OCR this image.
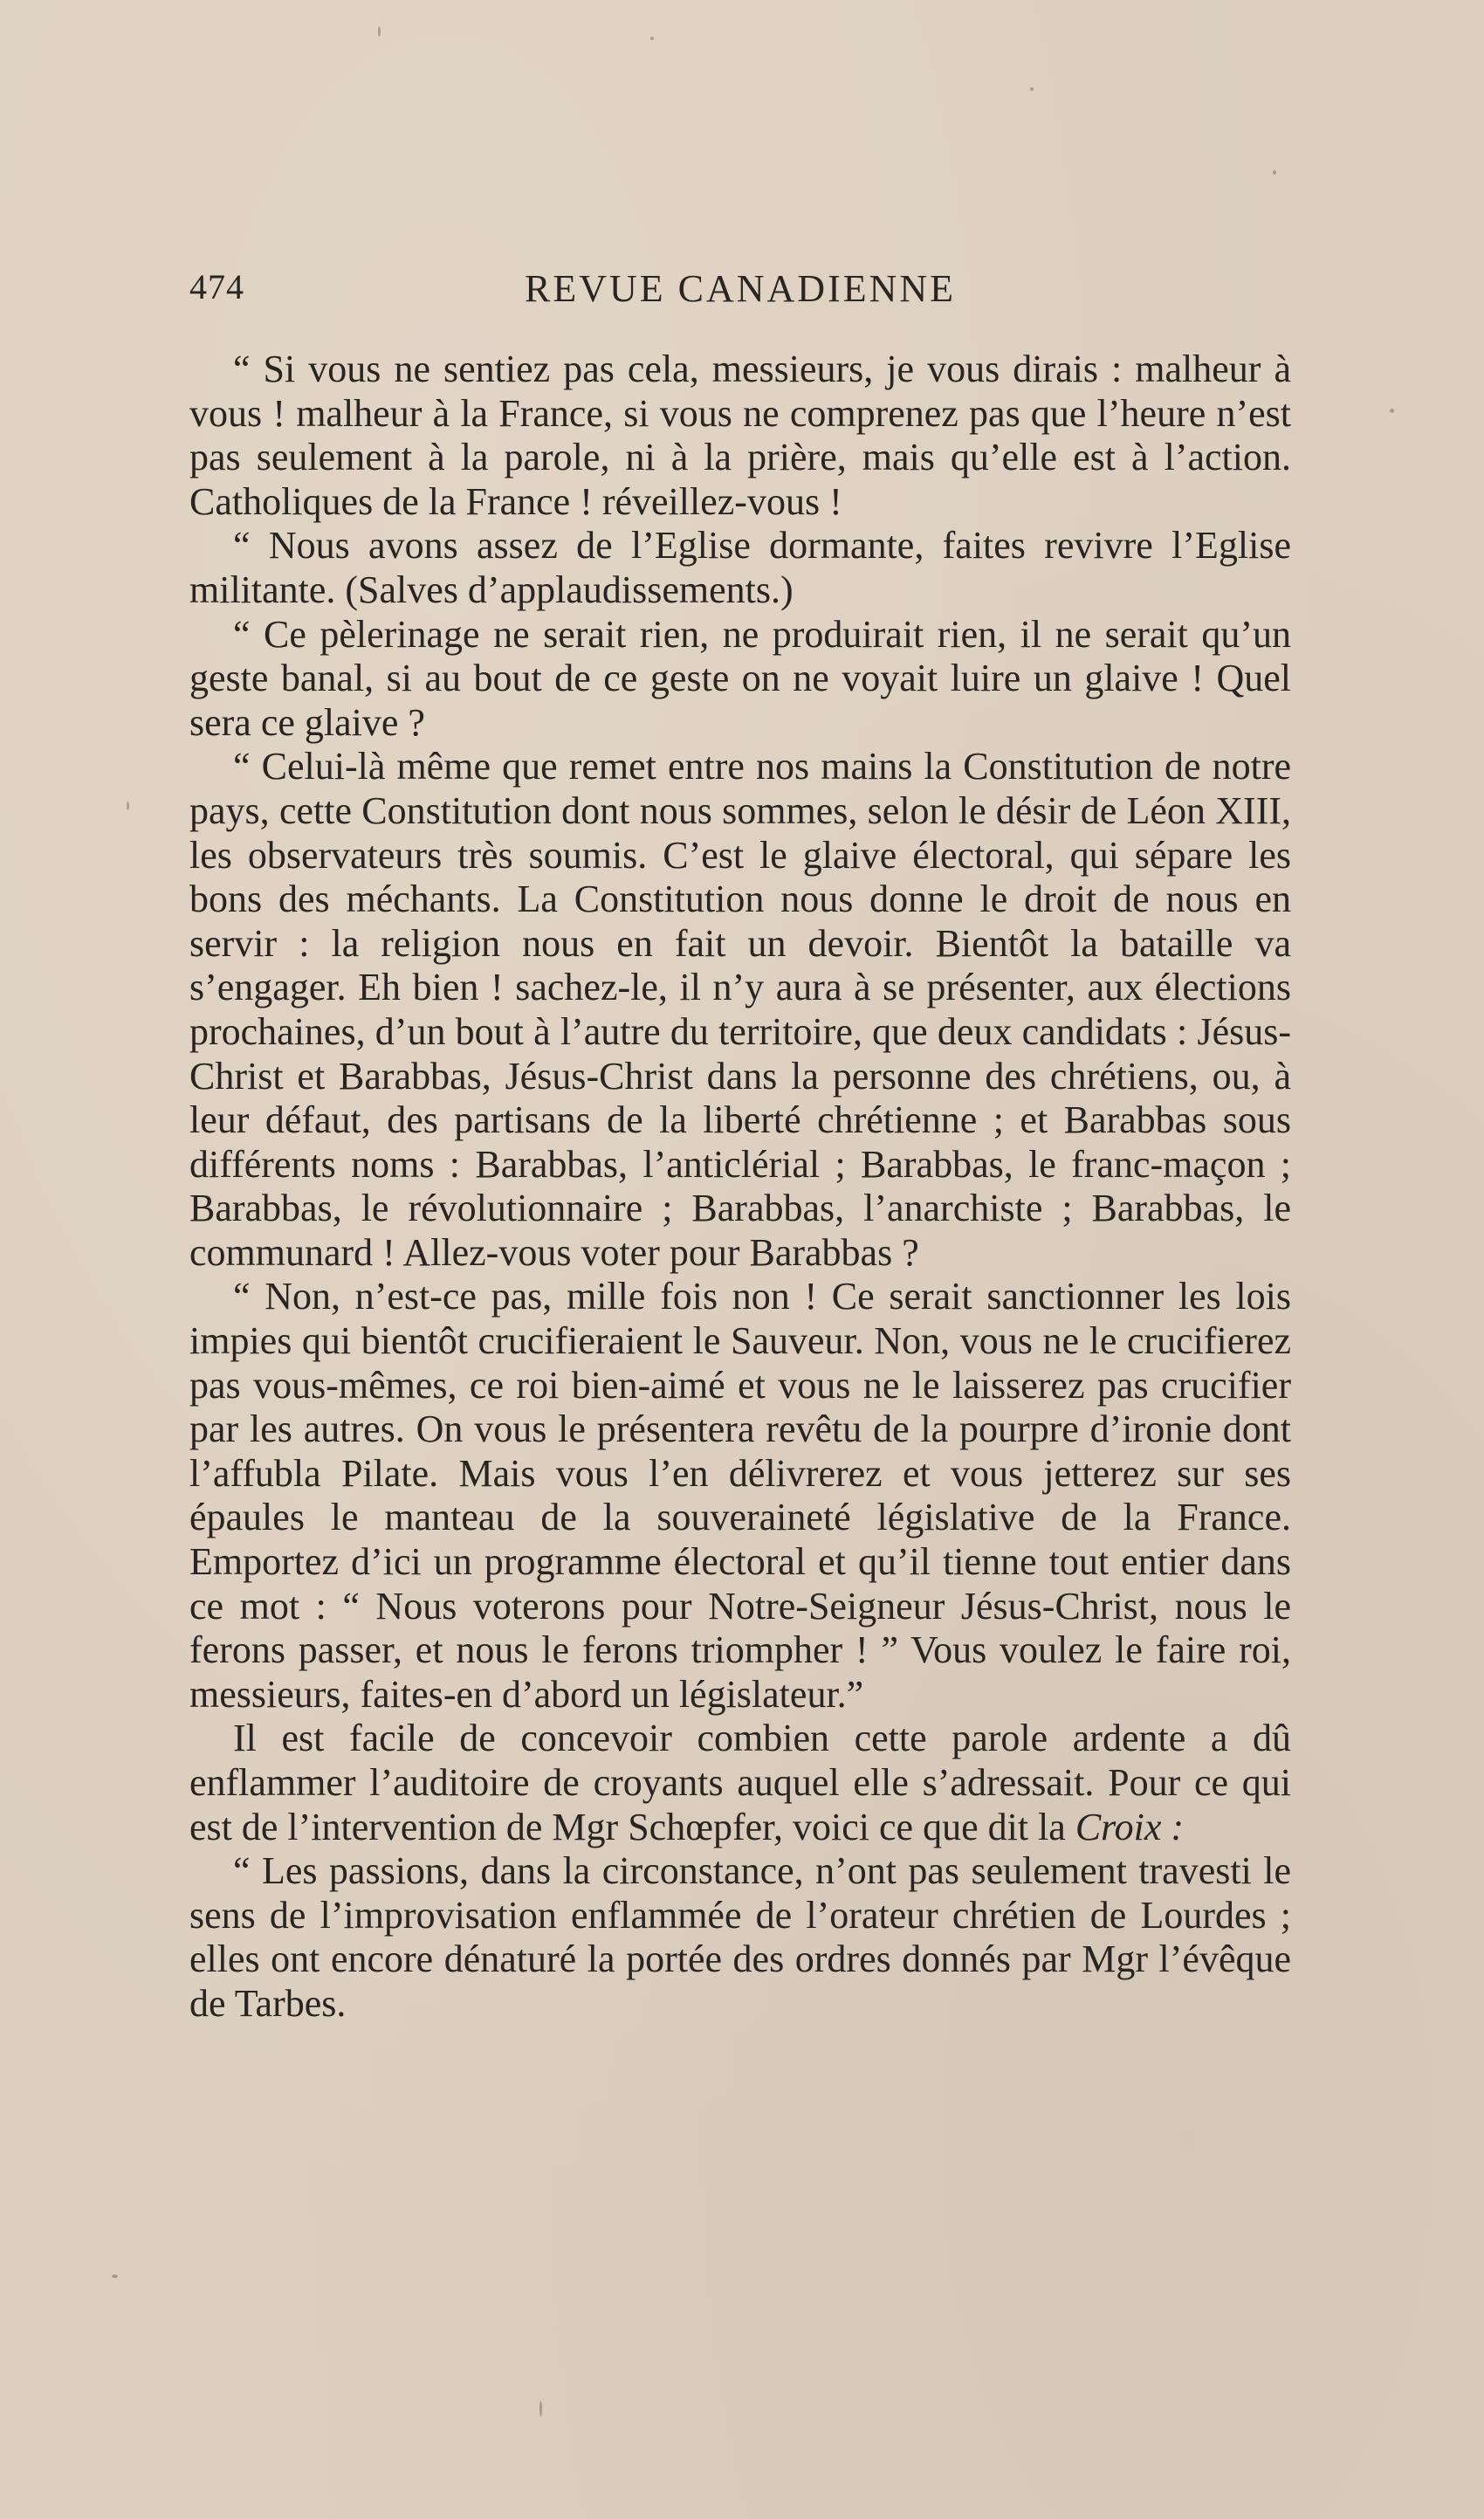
474	REVUE CANADIENNE

“ Si vous ne sentiez pas cela, messieurs, je vous dirais : malheur à vous ! malheur à la France, si vous ne comprenez pas que l’heure n’est pas seulement à la parole, ni à la prière, mais qu’elle est à l’action. Catholiques de la France ! réveillez-vous !

“ Nous avons assez de l’Eglise dormante, faites revivre l’Eglise militante. (Salves d’applaudissements.)

“ Ce pèlerinage ne serait rien, ne produirait rien, il ne serait qu’un geste banal, si au bout de ce geste on ne voyait luire un glaive ! Quel sera ce glaive ?

“ Celui-là même que remet entre nos mains la Constitution de notre pays, cette Constitution dont nous sommes, selon le désir de Léon XIII, les observateurs très soumis. C’est le glaive électoral, qui sépare les bons des méchants. La Constitution nous donne le droit de nous en servir : la religion nous en fait un devoir. Bientôt la bataille va s’engager. Eh bien ! sachez-le, il n’y aura à se présenter, aux élections prochaines, d’un bout à l’autre du territoire, que deux candidats : Jésus-Christ et Barabbas, Jésus-Christ dans la personne des chrétiens, ou, à leur défaut, des partisans de la liberté chrétienne ; et Barabbas sous différents noms : Barabbas, l’anticlérial ; Barabbas, le franc-maçon ; Barabbas, le révolutionnaire ; Barabbas, l’anarchiste ; Barabbas, le communard ! Allez-vous voter pour Barabbas ?

“ Non, n’est-ce pas, mille fois non ! Ce serait sanctionner les lois impies qui bientôt crucifieraient le Sauveur. Non, vous ne le crucifierez pas vous-mêmes, ce roi bien-aimé et vous ne le laisserez pas crucifier par les autres. On vous le présentera revêtu de la pourpre d’ironie dont l’affubla Pilate. Mais vous l’en délivrerez et vous jetterez sur ses épaules le manteau de la souveraineté législative de la France. Emportez d’ici un programme électoral et qu’il tienne tout entier dans ce mot : “ Nous voterons pour Notre-Seigneur Jésus-Christ, nous le ferons passer, et nous le ferons triompher ! ” Vous voulez le faire roi, messieurs, faites-en d’abord un législateur.”

Il est facile de concevoir combien cette parole ardente a dû enflammer l’auditoire de croyants auquel elle s’adressait. Pour ce qui est de l’intervention de Mgr Schœpfer, voici ce que dit la Croix :

“ Les passions, dans la circonstance, n’ont pas seulement travesti le sens de l’improvisation enflammée de l’orateur chrétien de Lourdes ; elles ont encore dénaturé la portée des ordres donnés par Mgr l’évêque de Tarbes.
